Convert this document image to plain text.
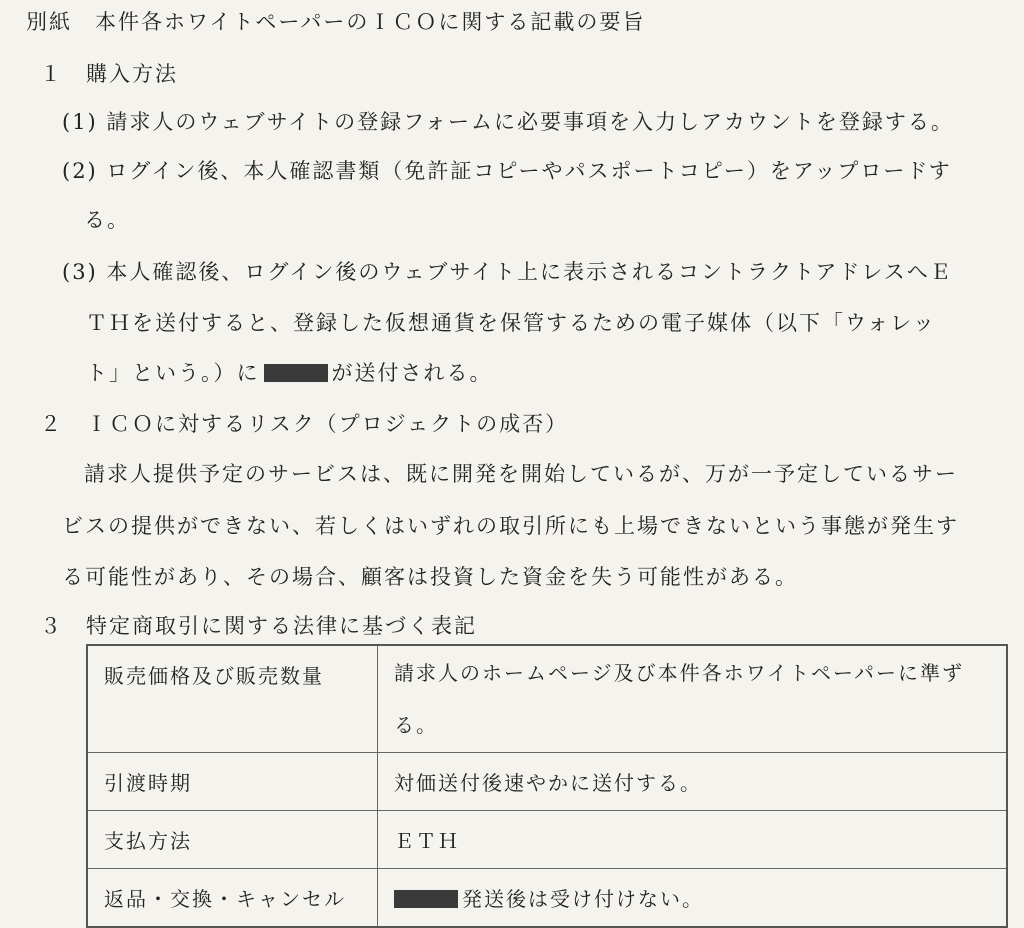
別紙　本件各ホワイトペーパーのＩＣＯに関する記載の要旨
１　購入方法
(1) 請求人のウェブサイトの登録フォームに必要事項を入力しアカウントを登録する。
(2) ログイン後、本人確認書類（免許証コピーやパスポートコピー）をアップロードす
る。
(3) 本人確認後、ログイン後のウェブサイト上に表示されるコントラクトアドレスへＥ
ＴＨを送付すると、登録した仮想通貨を保管するための電子媒体（以下「ウォレッ
ト」という。）に	が送付される。
２　ＩＣＯに対するリスク（プロジェクトの成否）
請求人提供予定のサービスは、既に開発を開始しているが、万が一予定しているサー
ビスの提供ができない、若しくはいずれの取引所にも上場できないという事態が発生す
る可能性があり、その場合、顧客は投資した資金を失う可能性がある。
３　特定商取引に関する法律に基づく表記
販売価格及び販売数量	請求人のホームページ及び本件各ホワイトペーパーに準ず
る。

引渡時期	対価送付後速やかに送付する。
支払方法	ＥＴＨ
返品・交換・キャンセル	発送後は受け付けない。
